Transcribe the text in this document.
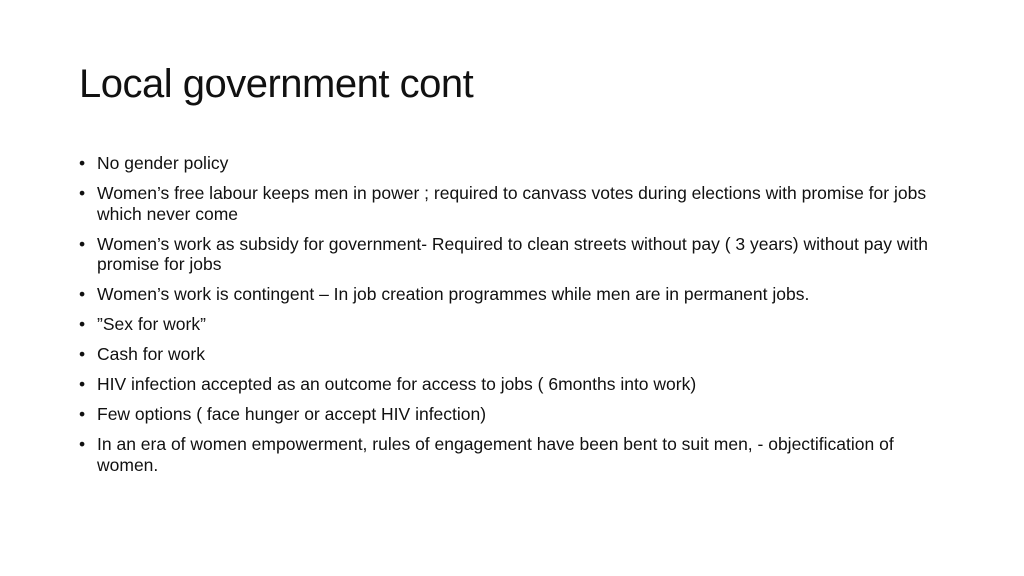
Local government cont
• No gender policy
• Women’s free labour keeps men in power ; required to canvass votes during elections with promise for jobs which never come
• Women’s work as subsidy for government- Required to clean streets without pay ( 3 years) without pay with promise for jobs
• Women’s work is contingent – In job creation programmes while men are in permanent jobs.
• ”Sex for work”
• Cash for work
• HIV infection accepted as an outcome for access to jobs ( 6months into work)
• Few options ( face hunger or accept HIV infection)
• In an era of women empowerment, rules of engagement have been bent to suit men, - objectification of women.
